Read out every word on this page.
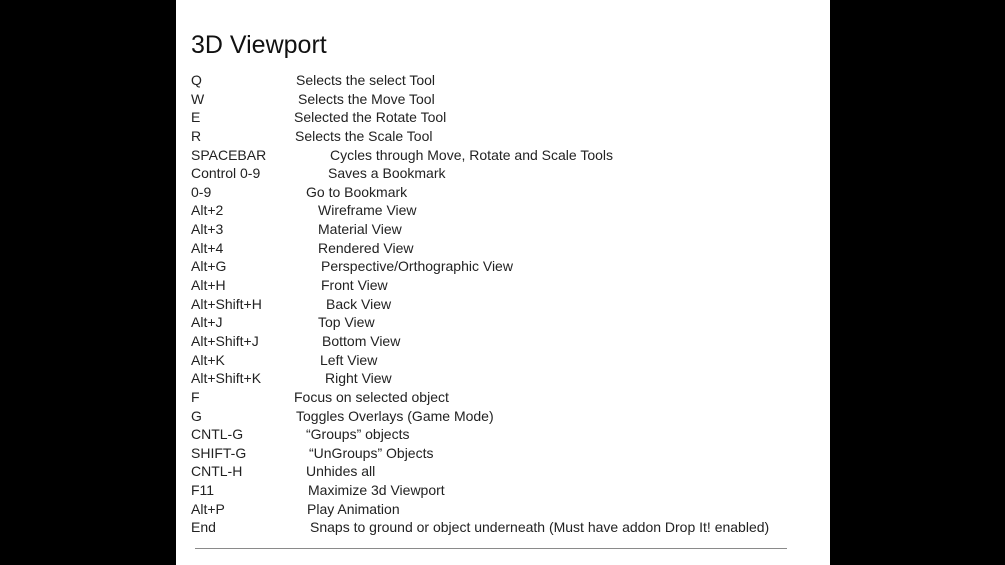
3D Viewport
Q	Selects the select Tool
W	Selects the Move Tool
E	Selected the Rotate Tool
R	Selects the Scale Tool
SPACEBAR	Cycles through Move, Rotate and Scale Tools
Control 0-9	Saves a Bookmark
0-9	Go to Bookmark
Alt+2	Wireframe View
Alt+3	Material View
Alt+4	Rendered View
Alt+G	Perspective/Orthographic View
Alt+H	Front View
Alt+Shift+H	Back View
Alt+J	Top View
Alt+Shift+J	Bottom View
Alt+K	Left View
Alt+Shift+K	Right View
F	Focus on selected object
G	Toggles Overlays (Game Mode)
CNTL-G	“Groups” objects
SHIFT-G	“UnGroups” Objects
CNTL-H	Unhides all
F11	Maximize 3d Viewport
Alt+P	Play Animation
End	Snaps to ground or object underneath (Must have addon Drop It! enabled)
